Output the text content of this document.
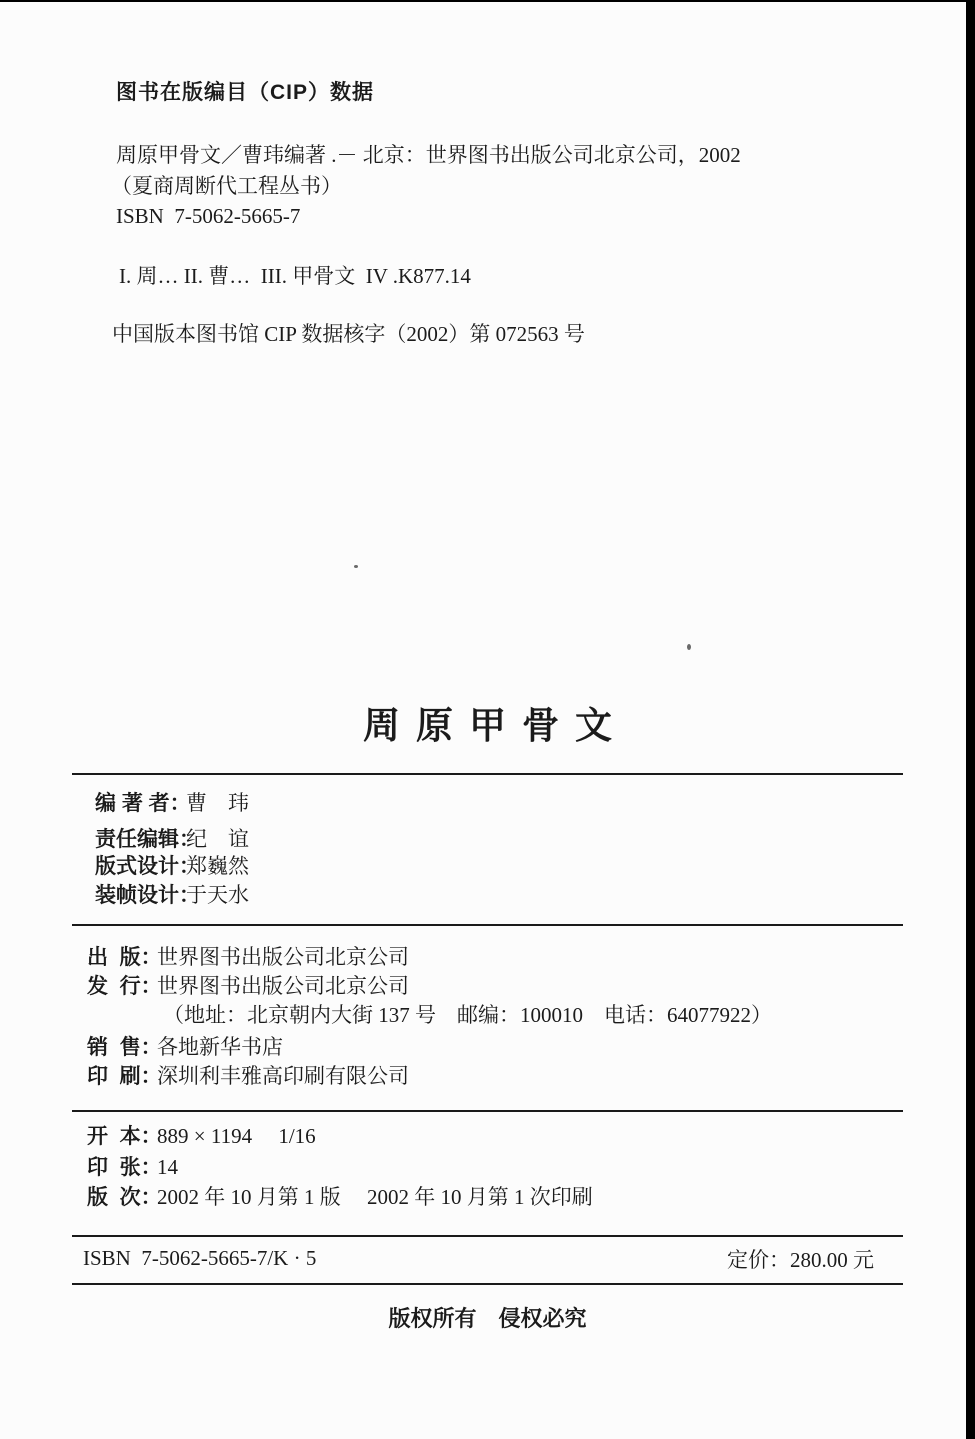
图书在版编目（CIP）数据
周原甲骨文／曹玮编著 .－ 北京：世界图书出版公司北京公司，2002
（夏商周断代工程丛书）
ISBN  7-5062-5665-7
I. 周… II. 曹…  III. 甲骨文  IV .K877.14
中国版本图书馆 CIP 数据核字（2002）第 072563 号
周原甲骨文
编 著 者：
曹　玮
责任编辑：
纪　谊
版式设计：
郑巍然
装帧设计：
于天水
出  版：
世界图书出版公司北京公司
发  行：
世界图书出版公司北京公司
（地址：北京朝内大街 137 号　邮编：100010　电话：64077922）
销  售：
各地新华书店
印  刷：
深圳利丰雅高印刷有限公司
开  本：
889 × 1194　 1/16
印  张：
14
版  次：
2002 年 10 月第 1 版　 2002 年 10 月第 1 次印刷
ISBN  7-5062-5665-7/K · 5	定价：280.00 元
版权所有　侵权必究
